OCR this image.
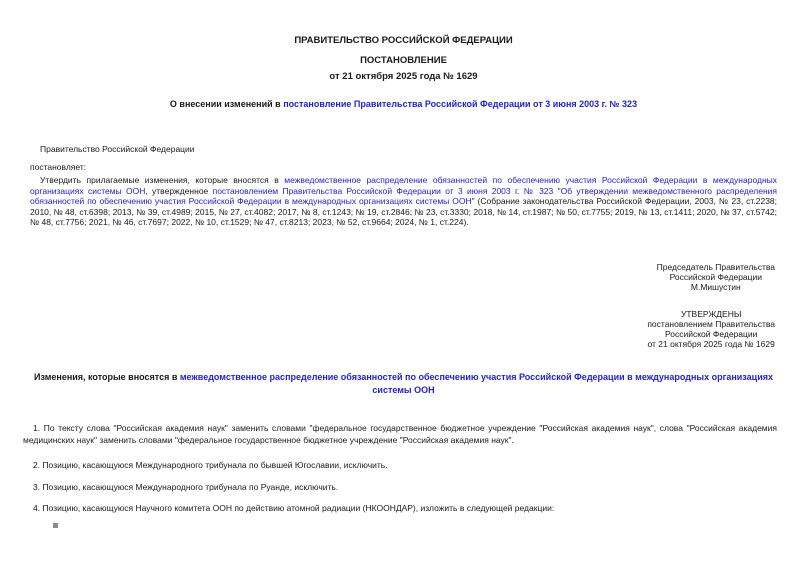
ПРАВИТЕЛЬСТВО РОССИЙСКОЙ ФЕДЕРАЦИИ
ПОСТАНОВЛЕНИЕ
от 21 октября 2025 года № 1629
О внесении изменений в постановление Правительства Российской Федерации от 3 июня 2003 г. № 323
Правительство Российской Федерации
постановляет:
Утвердить прилагаемые изменения, которые вносятся в межведомственное распределение обязанностей по обеспечению участия Российской Федерации в международных организациях системы ООН, утвержденное постановлением Правительства Российской Федерации от 3 июня 2003 г. № 323 "Об утверждении межведомственного распределения обязанностей по обеспечению участия Российской Федерации в международных организациях системы ООН" (Собрание законодательства Российской Федерации, 2003, № 23, ст.2238; 2010, № 48, ст.6398; 2013, № 39, ст.4989; 2015, № 27, ст.4082; 2017, № 8, ст.1243; № 19, ст.2846; № 23, ст.3330; 2018, № 14, ст.1987; № 50, ст.7755; 2019, № 13, ст.1411; 2020, № 37, ст.5742; № 48, ст.7756; 2021, № 46, ст.7697; 2022, № 10, ст.1529; № 47, ст.8213; 2023, № 52, ст.9664; 2024, № 1, ст.224).
Председатель Правительства
Российской Федерации
М.Мишустин
УТВЕРЖДЕНЫ
постановлением Правительства
Российской Федерации
от 21 октября 2025 года № 1629
Изменения, которые вносятся в межведомственное распределение обязанностей по обеспечению участия Российской Федерации в международных организациях системы ООН
1. По тексту слова "Российская академия наук" заменить словами "федеральное государственное бюджетное учреждение "Российская академия наук", слова "Российская академия медицинских наук" заменить словами "федеральное государственное бюджетное учреждение "Российская академия наук".
2. Позицию, касающуюся Международного трибунала по бывшей Югославии, исключить.
3. Позицию, касающуюся Международного трибунала по Руанде, исключить.
4. Позицию, касающуюся Научного комитета ООН по действию атомной радиации (НКООНДАР), изложить в следующей редакции:
